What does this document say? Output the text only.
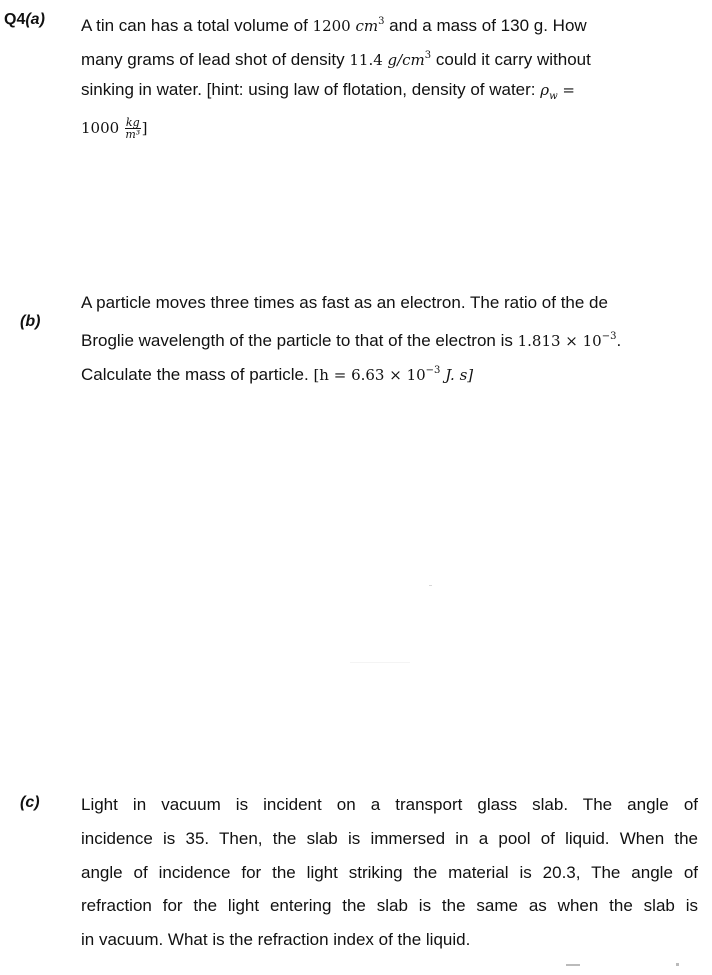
Q4(a) A tin can has a total volume of 1200 $cm^3$ and a mass of 130 g. How
many grams of lead shot of density 11.4 $g/cm^3$ could it carry without
sinking in water. [hint: using law of flotation, density of water: $\rho_w$ =
$1000 \frac{kg}{\text{m³}}$ ]
(b)
A particle moves three times as fast as an electron. The ratio of the de
Broglie wavelength of the particle to that of the electron is $1.813 \times 10^{-3}$.
Calculate the mass of particle. [$h = 6.63 \times 10^{-3}$ J. s]
(c) Light in vacuum is incident on a transport glass slab. The angle of
incidence is 35. Then, the slab is immersed in a pool of liquid. When the
angle of incidence for the light striking the material is 20.3, The angle of
refraction for the light entering the slab is the same as when the slab is
in vacuum. What is the refraction index of the liquid.
